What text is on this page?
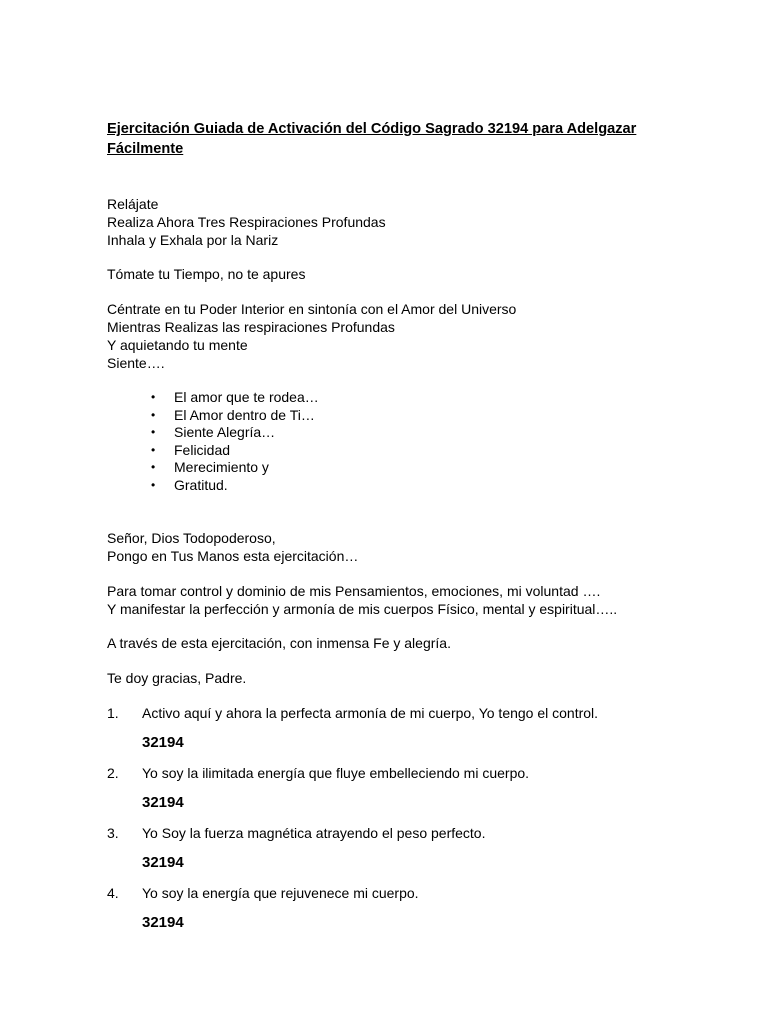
Ejercitación Guiada de Activación del Código Sagrado 32194 para Adelgazar Fácilmente

Relájate
Realiza Ahora Tres Respiraciones Profundas
Inhala y Exhala por la Nariz
Tómate tu Tiempo, no te apures
Céntrate en tu Poder Interior en sintonía con el Amor del Universo
Mientras Realizas las respiraciones Profundas
Y aquietando tu mente
Siente….
• El amor que te rodea…
• El Amor dentro de Ti…
• Siente Alegría…
• Felicidad
• Merecimiento y
• Gratitud.
Señor, Dios Todopoderoso,
Pongo en Tus Manos esta ejercitación…
Para tomar control y dominio de mis Pensamientos, emociones, mi voluntad ….
Y manifestar la perfección y armonía de mis cuerpos Físico, mental y espiritual…..
A través de esta ejercitación, con inmensa Fe y alegría.
Te doy gracias, Padre.
1.	Activo aquí y ahora la perfecta armonía de mi cuerpo, Yo tengo el control.
32194
2.	Yo soy la ilimitada energía que fluye embelleciendo mi cuerpo.
32194
3.	Yo Soy la fuerza magnética atrayendo el peso perfecto.
32194
4.	Yo soy la energía que rejuvenece mi cuerpo.
32194
